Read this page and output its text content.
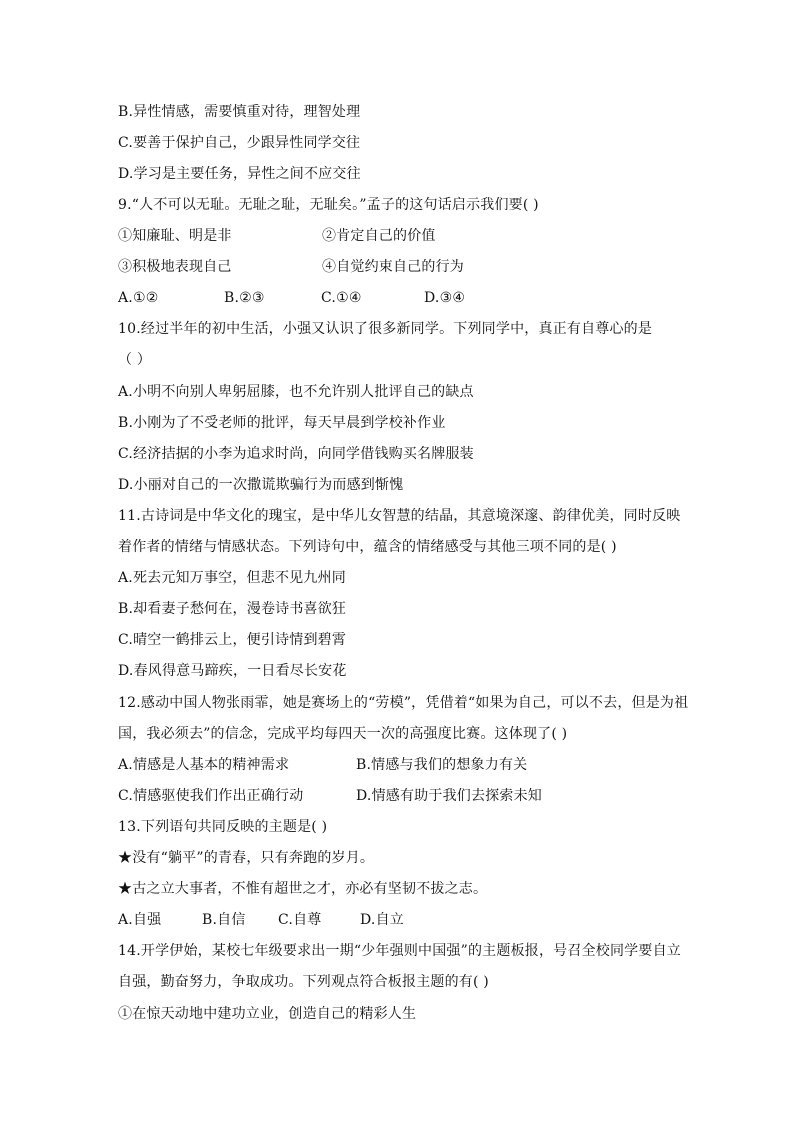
B.异性情感，需要慎重对待，理智处理
C.要善于保护自己，少跟异性同学交往
D.学习是主要任务，异性之间不应交往
9.“人不可以无耻。无耻之耻，无耻矣。”孟子的这句话启示我们要( )
①知廉耻、明是非	②肯定自己的价值
③积极地表现自己	④自觉约束自己的行为
A.①②	B.②③	C.①④	D.③④
10.经过半年的初中生活，小强又认识了很多新同学。下列同学中，真正有自尊心的是
（ ）
A.小明不向别人卑躬屈膝，也不允许别人批评自己的缺点
B.小刚为了不受老师的批评，每天早晨到学校补作业
C.经济拮据的小李为追求时尚，向同学借钱购买名牌服装
D.小丽对自己的一次撒谎欺骗行为而感到惭愧
11.古诗词是中华文化的瑰宝，是中华儿女智慧的结晶，其意境深邃、韵律优美，同时反映
着作者的情绪与情感状态。下列诗句中，蕴含的情绪感受与其他三项不同的是( )
A.死去元知万事空，但悲不见九州同
B.却看妻子愁何在，漫卷诗书喜欲狂
C.晴空一鹤排云上，便引诗情到碧霄
D.春风得意马蹄疾，一日看尽长安花
12.感动中国人物张雨霏，她是赛场上的“劳模”，凭借着“如果为自己，可以不去，但是为祖
国，我必须去”的信念，完成平均每四天一次的高强度比赛。这体现了( )
A.情感是人基本的精神需求	B.情感与我们的想象力有关
C.情感驱使我们作出正确行动	D.情感有助于我们去探索未知
13.下列语句共同反映的主题是( )
★没有“躺平”的青春，只有奔跑的岁月。
★古之立大事者，不惟有超世之才，亦必有坚韧不拔之志。
A.自强	B.自信 C.自尊	D.自立
14.开学伊始，某校七年级要求出一期“少年强则中国强”的主题板报，号召全校同学要自立
自强，勤奋努力，争取成功。下列观点符合板报主题的有( )
①在惊天动地中建功立业，创造自己的精彩人生
